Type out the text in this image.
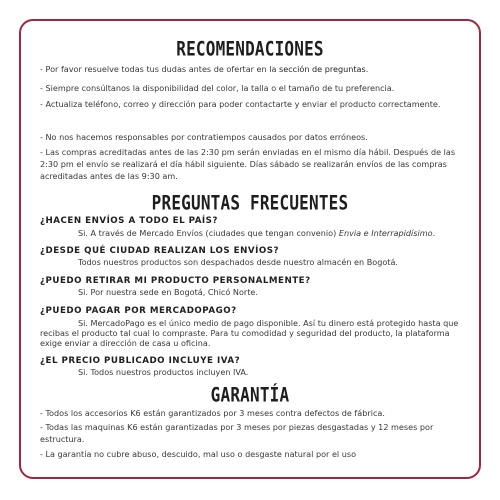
RECOMENDACIONES

- Por favor resuelve todas tus dudas antes de ofertar en la sección de preguntas.

- Siempre consúltanos la disponibilidad del color, la talla o el tamaño de tu preferencia.

- Actualiza teléfono, correo y dirección para poder contactarte y enviar el producto correctamente.

- No nos hacemos responsables por contratiempos causados por datos erróneos.

- Las compras acreditadas antes de las 2:30 pm serán enviadas en el mismo día hábil. Después de las 2:30 pm el envío se realizará el día hábil siguiente. Días sábado se realizarán envíos de las compras acreditadas antes de las 9:30 am.

PREGUNTAS FRECUENTES

¿HACEN ENVÍOS A TODO EL PAÍS?

Si. A través de Mercado Envíos (ciudades que tengan convenio) Envia e Interrapidísimo.

¿DESDE QUÉ CIUDAD REALIZAN LOS ENVÍOS?

Todos nuestros productos son despachados desde nuestro almacén en Bogotá.

¿PUEDO RETIRAR MI PRODUCTO PERSONALMENTE?

Si. Por nuestra sede en Bogotá, Chicó Norte.

¿PUEDO PAGAR POR MERCADOPAGO?

Si. MercadoPago es el único medio de pago disponible. Así tu dinero está protegido hasta que recibas el producto tal cual lo compraste. Para tu comodidad y seguridad del producto, la plataforma exige enviar a dirección de casa u oficina.

¿EL PRECIO PUBLICADO INCLUYE IVA?

Si. Todos nuestros productos incluyen IVA.

GARANTÍA

- Todos los accesorios K6 están garantizados por 3 meses contra defectos de fábrica.

- Todas las maquinas K6 están garantizadas por 3 meses por piezas desgastadas y 12 meses por estructura.

- La garantía no cubre abuso, descuido, mal uso o desgaste natural por el uso
